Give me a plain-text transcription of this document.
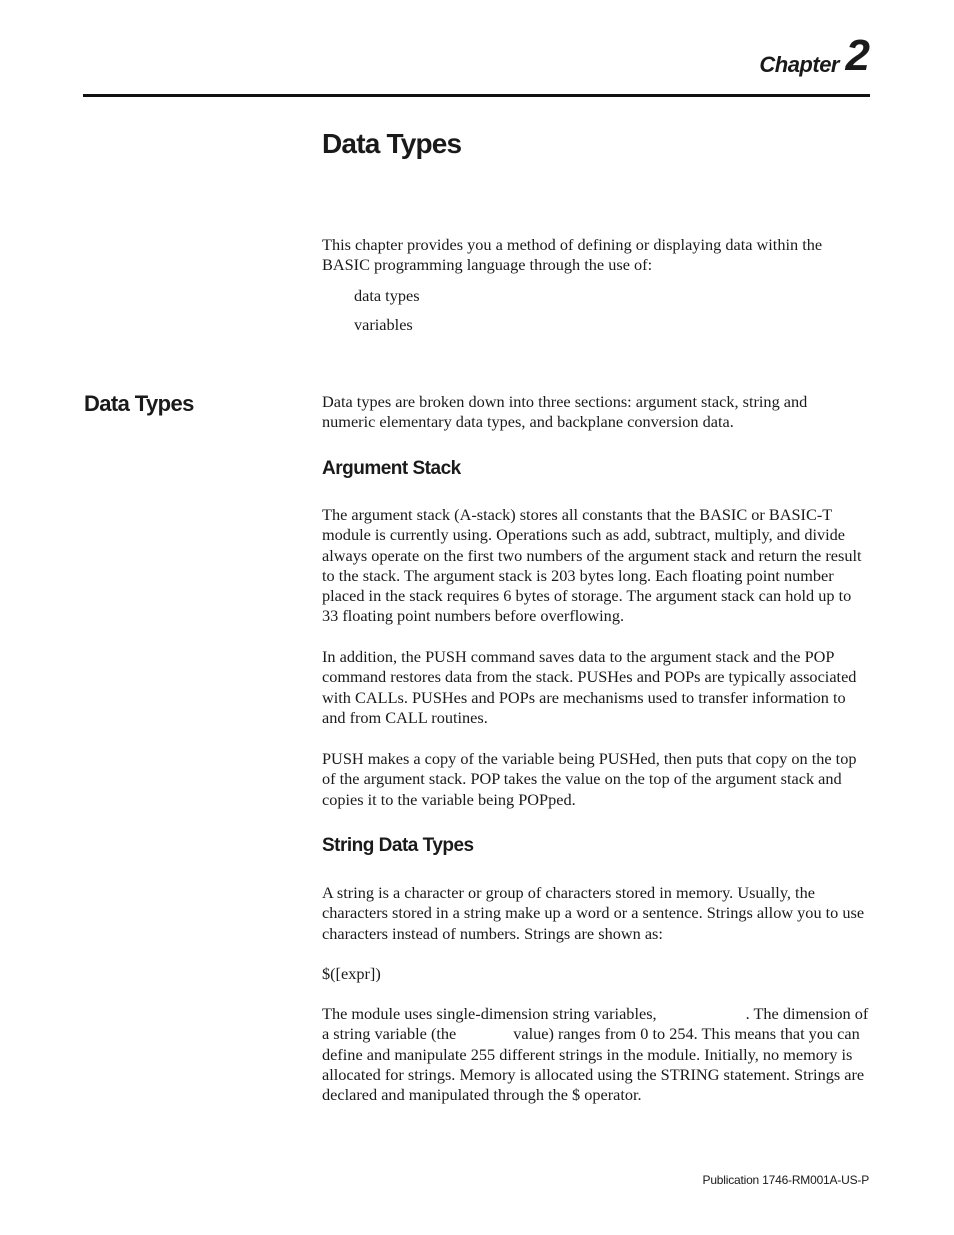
Chapter 2
Data Types
This chapter provides you a method of defining or displaying data within the
BASIC programming language through the use of:
data types
variables
Data Types	Data types are broken down into three sections: argument stack, string and
numeric elementary data types, and backplane conversion data.
Argument Stack
The argument stack (A-stack) stores all constants that the BASIC or BASIC-T
module is currently using. Operations such as add, subtract, multiply, and divide
always operate on the first two numbers of the argument stack and return the result
to the stack. The argument stack is 203 bytes long. Each floating point number
placed in the stack requires 6 bytes of storage. The argument stack can hold up to
33 floating point numbers before overflowing.
In addition, the PUSH command saves data to the argument stack and the POP
command restores data from the stack. PUSHes and POPs are typically associated
with CALLs. PUSHes and POPs are mechanisms used to transfer information to
and from CALL routines.
PUSH makes a copy of the variable being PUSHed, then puts that copy on the top
of the argument stack. POP takes the value on the top of the argument stack and
copies it to the variable being POPped.
String Data Types
A string is a character or group of characters stored in memory. Usually, the
characters stored in a string make up a word or a sentence. Strings allow you to use
characters instead of numbers. Strings are shown as:
$([expr])
The module uses single-dimension string variables,	. The dimension of
a string variable (the	value) ranges from 0 to 254. This means that you can
define and manipulate 255 different strings in the module. Initially, no memory is
allocated for strings. Memory is allocated using the STRING statement. Strings are
declared and manipulated through the $ operator.
Publication 1746-RM001A-US-P
